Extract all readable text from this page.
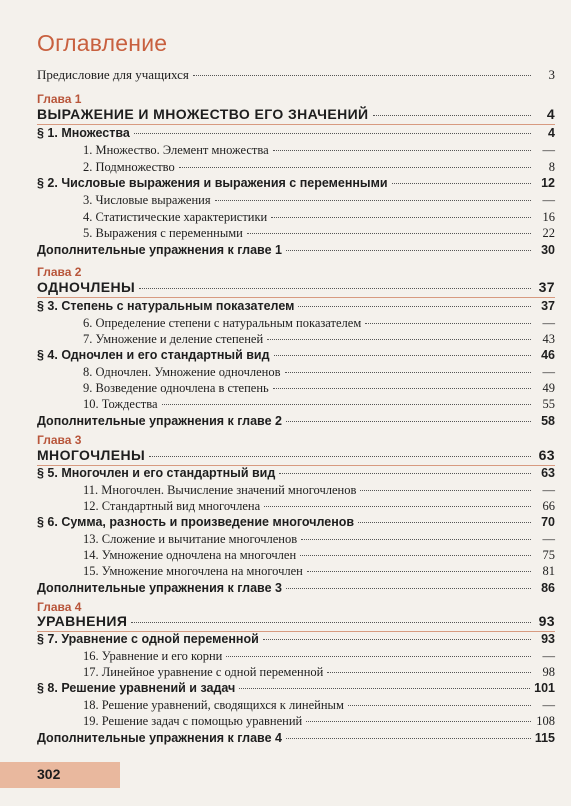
Оглавление
Предисловие для учащихся	3
Глава 1
ВЫРАЖЕНИЕ И МНОЖЕСТВО ЕГО ЗНАЧЕНИЙ	4
§ 1. Множества	4
1. Множество. Элемент множества	—
2. Подмножество	8
§ 2. Числовые выражения и выражения с переменными	12
3. Числовые выражения	—
4. Статистические характеристики	16
5. Выражения с переменными	22
Дополнительные упражнения к главе 1	30
Глава 2
ОДНОЧЛЕНЫ	37
§ 3. Степень с натуральным показателем	37
6. Определение степени с натуральным показателем	—
7. Умножение и деление степеней	43
§ 4. Одночлен и его стандартный вид	46
8. Одночлен. Умножение одночленов	—
9. Возведение одночлена в степень	49
10. Тождества	55
Дополнительные упражнения к главе 2	58
Глава 3
МНОГОЧЛЕНЫ	63
§ 5. Многочлен и его стандартный вид	63
11. Многочлен. Вычисление значений многочленов	—
12. Стандартный вид многочлена	66
§ 6. Сумма, разность и произведение многочленов	70
13. Сложение и вычитание многочленов	—
14. Умножение одночлена на многочлен	75
15. Умножение многочлена на многочлен	81
Дополнительные упражнения к главе 3	86
Глава 4
УРАВНЕНИЯ	93
§ 7. Уравнение с одной переменной	93
16. Уравнение и его корни	—
17. Линейное уравнение с одной переменной	98
§ 8. Решение уравнений и задач	101
18. Решение уравнений, сводящихся к линейным	—
19. Решение задач с помощью уравнений	108
Дополнительные упражнения к главе 4	115
302
